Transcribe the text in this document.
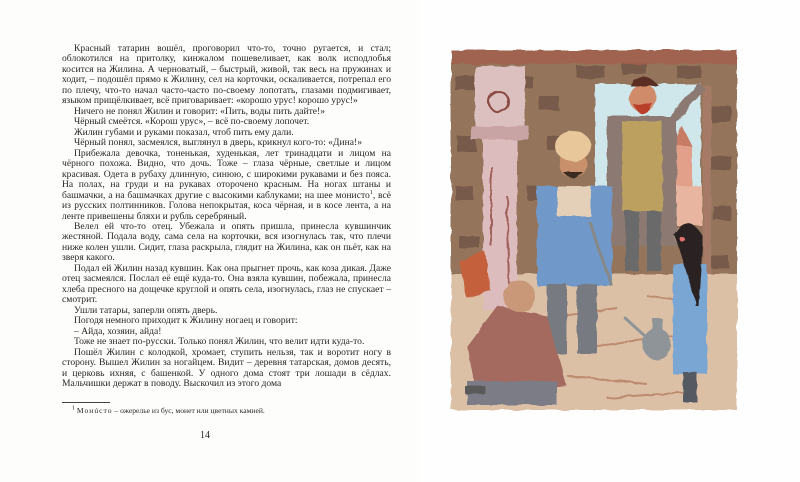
Красный татарин вошёл, проговорил что-то, точно ругается, и стал; облокотился на притолку, кинжалом пошевеливает, как волк исподлобья косится на Жилина. А черноватый, – быстрый, живой, так весь на пружинах и ходит, – подошёл прямо к Жилину, сел на корточки, оскаливается, потрепал его по плечу, что-то начал часто-часто по-своему лопотать, глазами подмигивает, языком прищёлкивает, всё приговаривает: «корошо урус! корошо урус!»

Ничего не понял Жилин и говорит: «Пить, воды пить дайте!»

Чёрный смеётся. «Корош урус», – всё по-своему лопочет.

Жилин губами и руками показал, чтоб пить ему дали.

Чёрный понял, засмеялся, выглянул в дверь, крикнул кого-то: «Дина!»

Прибежала девочка, тоненькая, худенькая, лет тринадцати и лицом на чёрного похожа. Видно, что дочь. Тоже – глаза чёрные, светлые и лицом красивая. Одета в рубаху длинную, синюю, с широкими рукавами и без пояса. На полах, на груди и на рукавах оторочено красным. На ногах штаны и башмачки, а на башмачках другие с высокими каблуками; на шее монисто$^1$, всё из русских полтинников. Голова непокрытая, коса чёрная, и в косе лента, а на ленте привешены бляхи и рубль серебряный.

Велел ей что-то отец. Убежала и опять пришла, принесла кувшинчик жестяной. Подала воду, сама села на корточки, вся изогнулась так, что плечи ниже колен ушли. Сидит, глаза раскрыла, глядит на Жилина, как он пьёт, как на зверя какого.

Подал ей Жилин назад кувшин. Как она прыгнет прочь, как коза дикая. Даже отец засмеялся. Послал её ещё куда-то. Она взяла кувшин, побежала, принесла хлеба пресного на дощечке круглой и опять села, изогнулась, глаз не спускает – смотрит.

Ушли татары, заперли опять дверь.

Погодя немного приходит к Жилину ногаец и говорит:

– Айда, хозяин, айда!

Тоже не знает по-русски. Только понял Жилин, что велит идти куда-то.

Пошёл Жилин с колодкой, хромает, ступить нельзя, так и воротит ногу в сторону. Вышел Жилин за ногайцем. Видит – деревня татарская, домов десять, и церковь ихняя, с башенкой. У одного дома стоят три лошади в сёдлах. Мальчишки держат в поводу. Выскочил из этого дома

$^1$ Монúсто – ожерелье из бус, монет или цветных камней.
14
